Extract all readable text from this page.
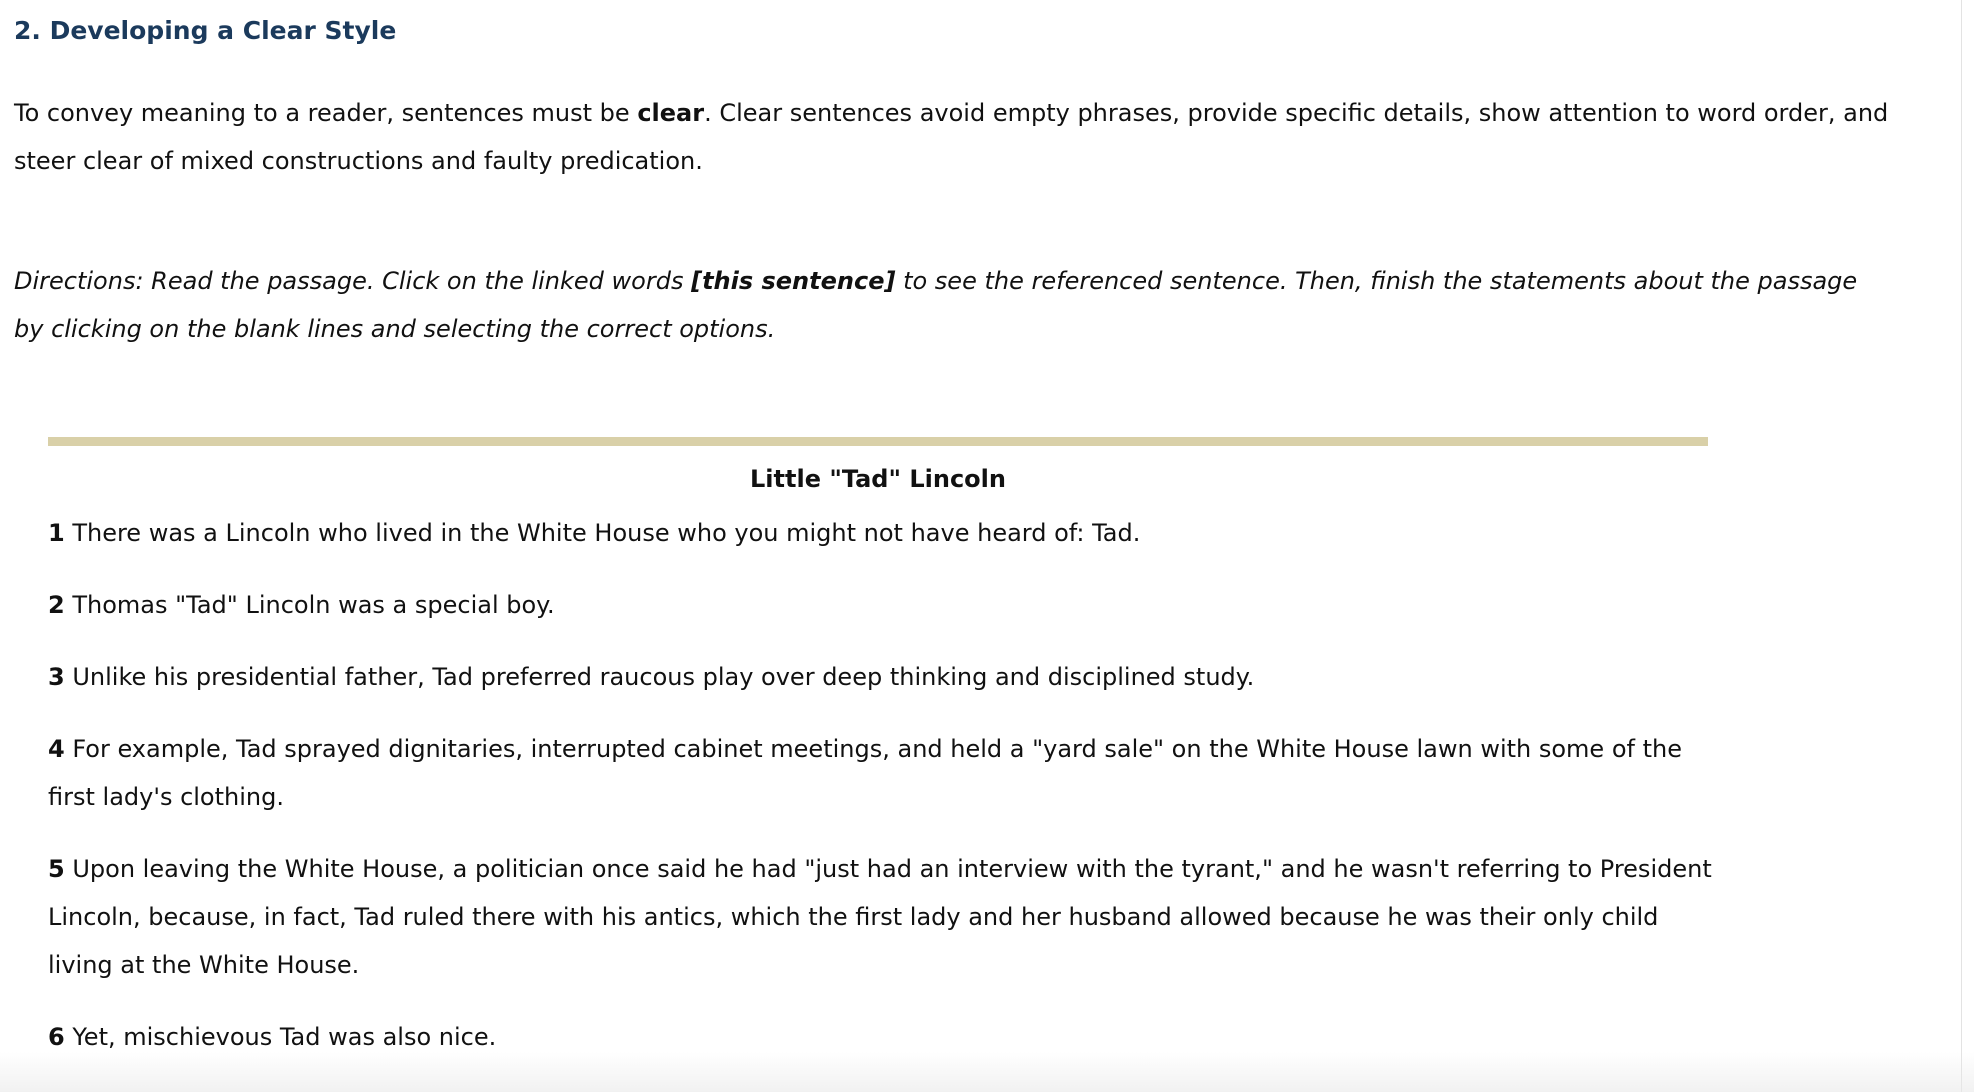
2. Developing a Clear Style

To convey meaning to a reader, sentences must be clear. Clear sentences avoid empty phrases, provide specific details, show attention to word order, and steer clear of mixed constructions and faulty predication.

Directions: Read the passage. Click on the linked words [this sentence] to see the referenced sentence. Then, finish the statements about the passage by clicking on the blank lines and selecting the correct options.

Little "Tad" Lincoln

1 There was a Lincoln who lived in the White House who you might not have heard of: Tad.

2 Thomas "Tad" Lincoln was a special boy.

3 Unlike his presidential father, Tad preferred raucous play over deep thinking and disciplined study.

4 For example, Tad sprayed dignitaries, interrupted cabinet meetings, and held a "yard sale" on the White House lawn with some of the first lady's clothing.

5 Upon leaving the White House, a politician once said he had "just had an interview with the tyrant," and he wasn't referring to President Lincoln, because, in fact, Tad ruled there with his antics, which the first lady and her husband allowed because he was their only child living at the White House.

6 Yet, mischievous Tad was also nice.
